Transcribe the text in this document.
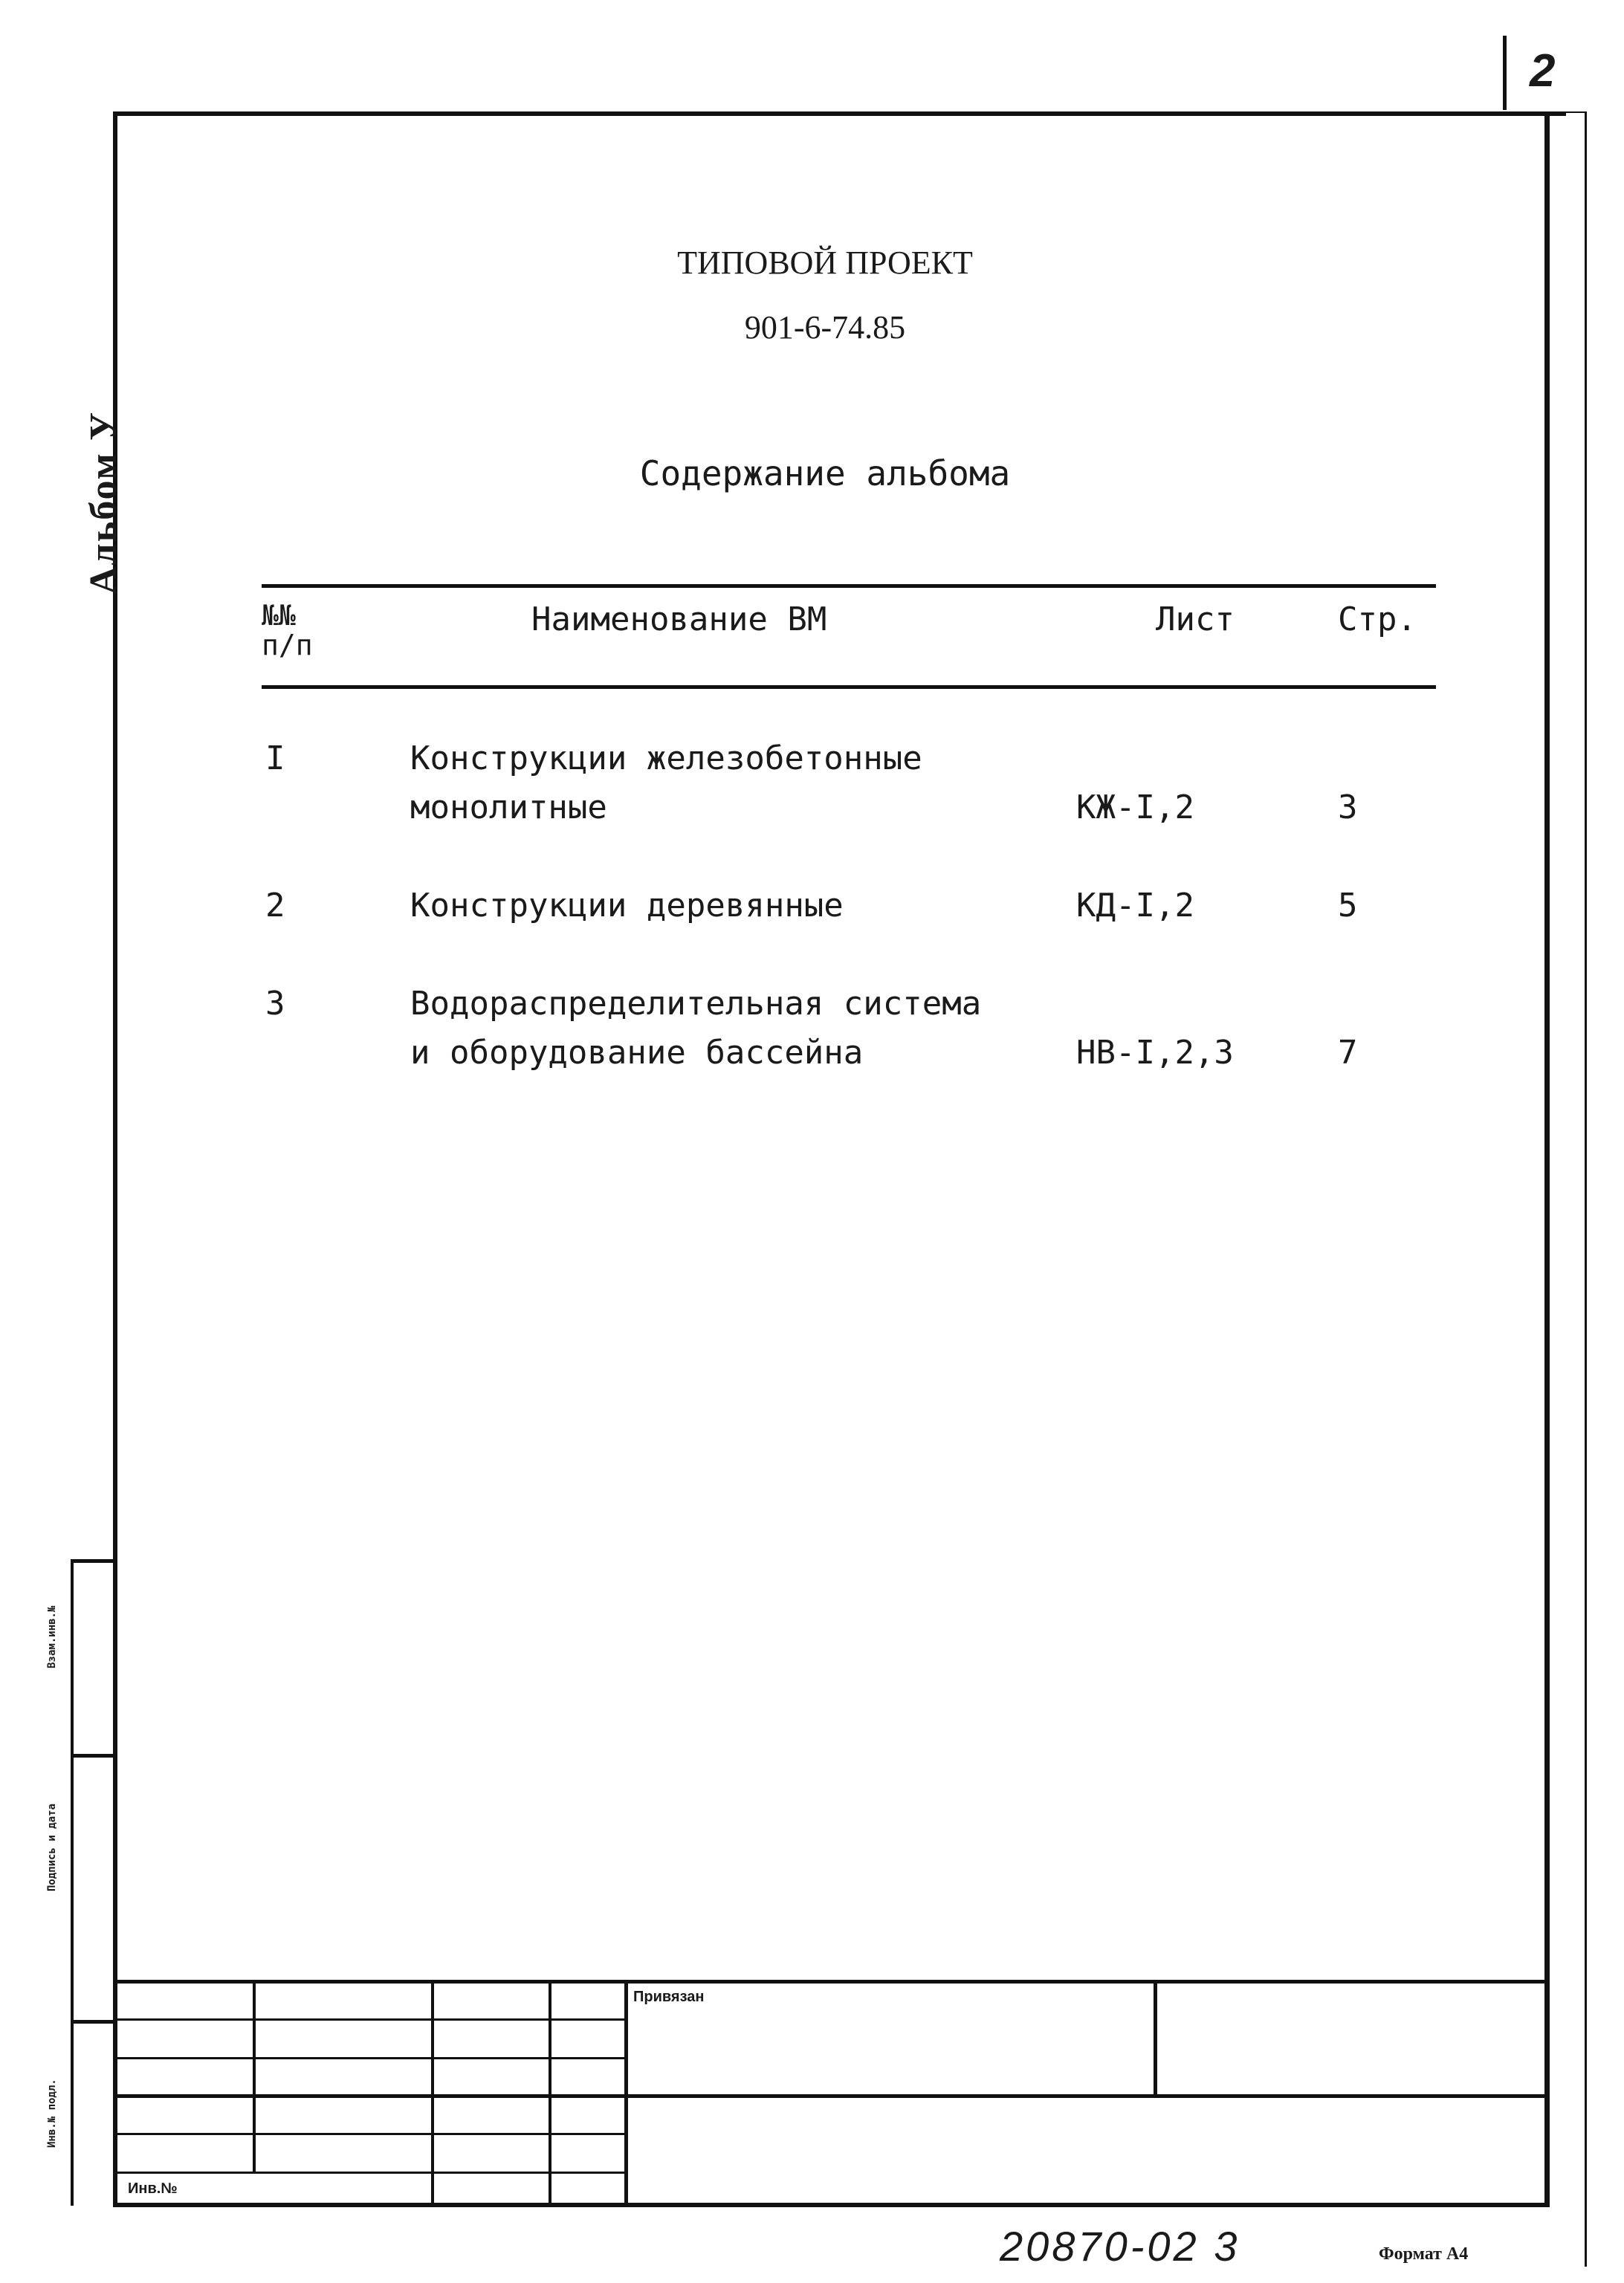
2
Альбом У
ТИПОВОЙ ПРОЕКТ
901-6-74.85
Содержание альбома
№№
п/п
Наименование ВМ	Лист	Стр.
I	Конструкции железобетонные
монолитные	КЖ-I,2	3
2	Конструкции деревянные	КД-I,2	5
3	Водораспределительная система
и оборудование бассейна	НВ-I,2,3	7
Взам.инв.№
Подпись и дата
Инв.№ подл.
Привязан
Инв.№
20870-02 3	Формат А4
